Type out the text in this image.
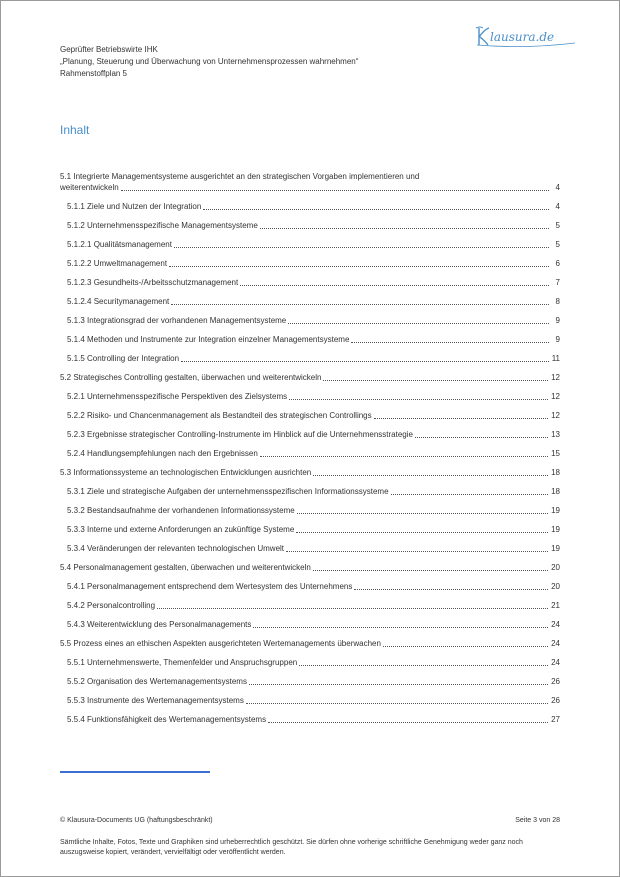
Geprüfter Betriebswirte IHK
„Planung, Steuerung und Überwachung von Unternehmensprozessen wahrnehmen“
Rahmenstoffplan 5
lausura.de
Inhalt
5.1 Integrierte Managementsysteme ausgerichtet an den strategischen Vorgaben implementieren und
weiterentwickeln	4
5.1.1 Ziele und Nutzen der Integration	4
5.1.2 Unternehmensspezifische Managementsysteme	5
5.1.2.1 Qualitätsmanagement	5
5.1.2.2 Umweltmanagement	6
5.1.2.3 Gesundheits-/Arbeitsschutzmanagement	7
5.1.2.4 Securitymanagement	8
5.1.3 Integrationsgrad der vorhandenen Managementsysteme	9
5.1.4 Methoden und Instrumente zur Integration einzelner Managementsysteme	9
5.1.5 Controlling der Integration	11
5.2 Strategisches Controlling gestalten, überwachen und weiterentwickeln	12
5.2.1 Unternehmensspezifische Perspektiven des Zielsystems	12
5.2.2 Risiko- und Chancenmanagement als Bestandteil des strategischen Controllings	12
5.2.3 Ergebnisse strategischer Controlling-Instrumente im Hinblick auf die Unternehmensstrategie	13
5.2.4 Handlungsempfehlungen nach den Ergebnissen	15
5.3 Informationssysteme an technologischen Entwicklungen ausrichten	18
5.3.1 Ziele und strategische Aufgaben der unternehmensspezifischen Informationssysteme	18
5.3.2 Bestandsaufnahme der vorhandenen Informationssysteme	19
5.3.3 Interne und externe Anforderungen an zukünftige Systeme	19
5.3.4 Veränderungen der relevanten technologischen Umwelt	19
5.4 Personalmanagement gestalten, überwachen und weiterentwickeln	20
5.4.1 Personalmanagement entsprechend dem Wertesystem des Unternehmens	20
5.4.2 Personalcontrolling	21
5.4.3 Weiterentwicklung des Personalmanagements	24
5.5 Prozess eines an ethischen Aspekten ausgerichteten Wertemanagements überwachen	24
5.5.1 Unternehmenswerte, Themenfelder und Anspruchsgruppen	24
5.5.2 Organisation des Wertemanagementsystems	26
5.5.3 Instrumente des Wertemanagementsystems	26
5.5.4 Funktionsfähigkeit des Wertemanagementsystems	27
© Klausura-Documents UG (haftungsbeschränkt)	Seite 3 von 28
Sämtliche Inhalte, Fotos, Texte und Graphiken sind urheberrechtlich geschützt. Sie dürfen ohne vorherige schriftliche Genehmigung weder ganz noch auszugsweise kopiert, verändert, vervielfältigt oder veröffentlicht werden.
